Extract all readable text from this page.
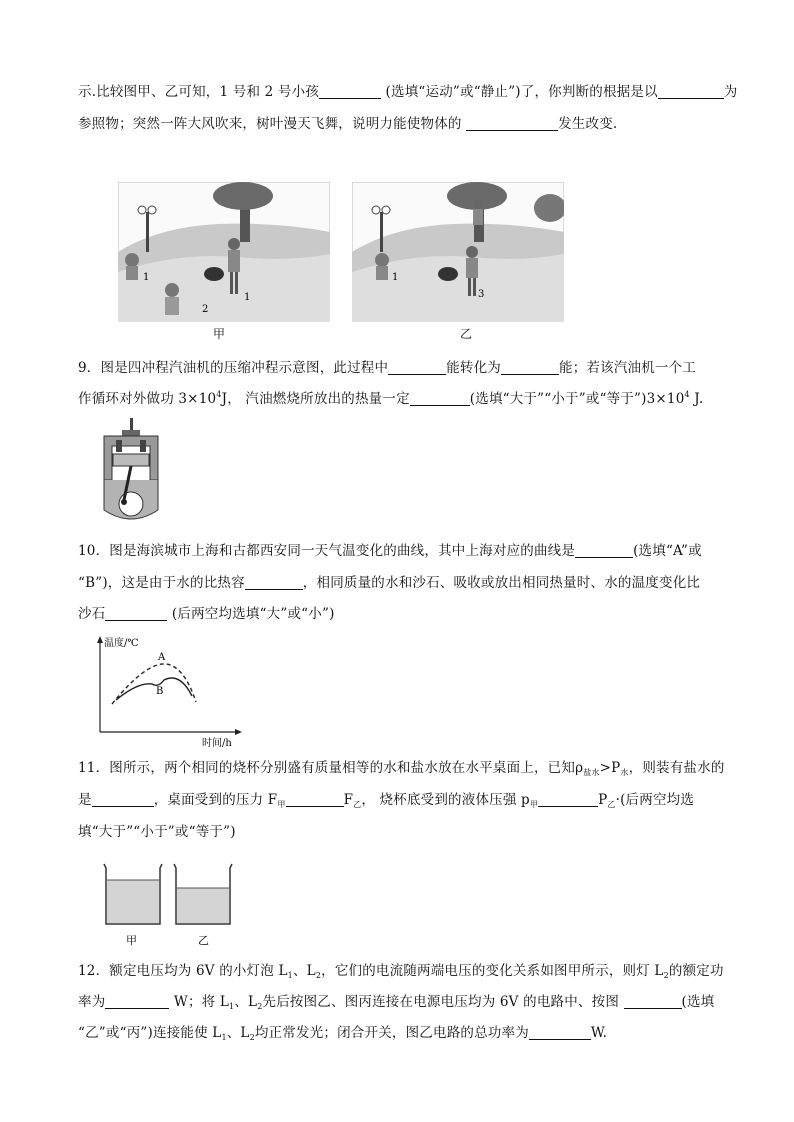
示.比较图甲、乙可知，1 号和 2 号小孩	(选填“运动”或“静止”)了，你判断的根据是以	为
参照物；突然一阵大风吹来，树叶漫天飞舞，说明力能使物体的	发生改变.
1
2
1
甲
1
3
乙
9．图是四冲程汽油机的压缩冲程示意图，此过程中	能转化为	能；若该汽油机一个工
作循环对外做功 $3\times 10^4J$， 汽油燃烧所放出的热量一定	(选填“大于”“小于”或“等于$”)3\times 10^4$ J.
10．图是海滨城市上海和古都西安同一天气温变化的曲线，其中上海对应的曲线是	(选填“A”或
“B”)，这是由于水的比热容	，相同质量的水和沙石、吸收或放出相同热量时、水的温度变化比
沙石	(后两空均选填“大”或“小”)
温度/℃
时间/h
A
B
11．图所示，两个相同的烧杯分别盛有质量相等的水和盐水放在水平桌面上，已知$\rho_{盐水}>P_水$，则装有盐水的
是	，桌面受到的压力 $F_甲$	$F_乙$， 烧杯底受到的液体压强 $p_甲$	$P_乙\cdot$(后两空均选
填“大于”“小于”或“等于”)
甲	乙
12．额定电压均为 6V 的小灯泡 $L_1$、$L_2$，它们的电流随两端电压的变化关系如图甲所示，则灯 $L_2$的额定功
率为	W；将 $L_1$、$L_2$先后按图乙、图丙连接在电源电压均为 6V 的电路中、按图	(选填
“乙”或“丙”)连接能使 $L_1$、$L_2$均正常发光；闭合开关，图乙电路的总功率为	W.
